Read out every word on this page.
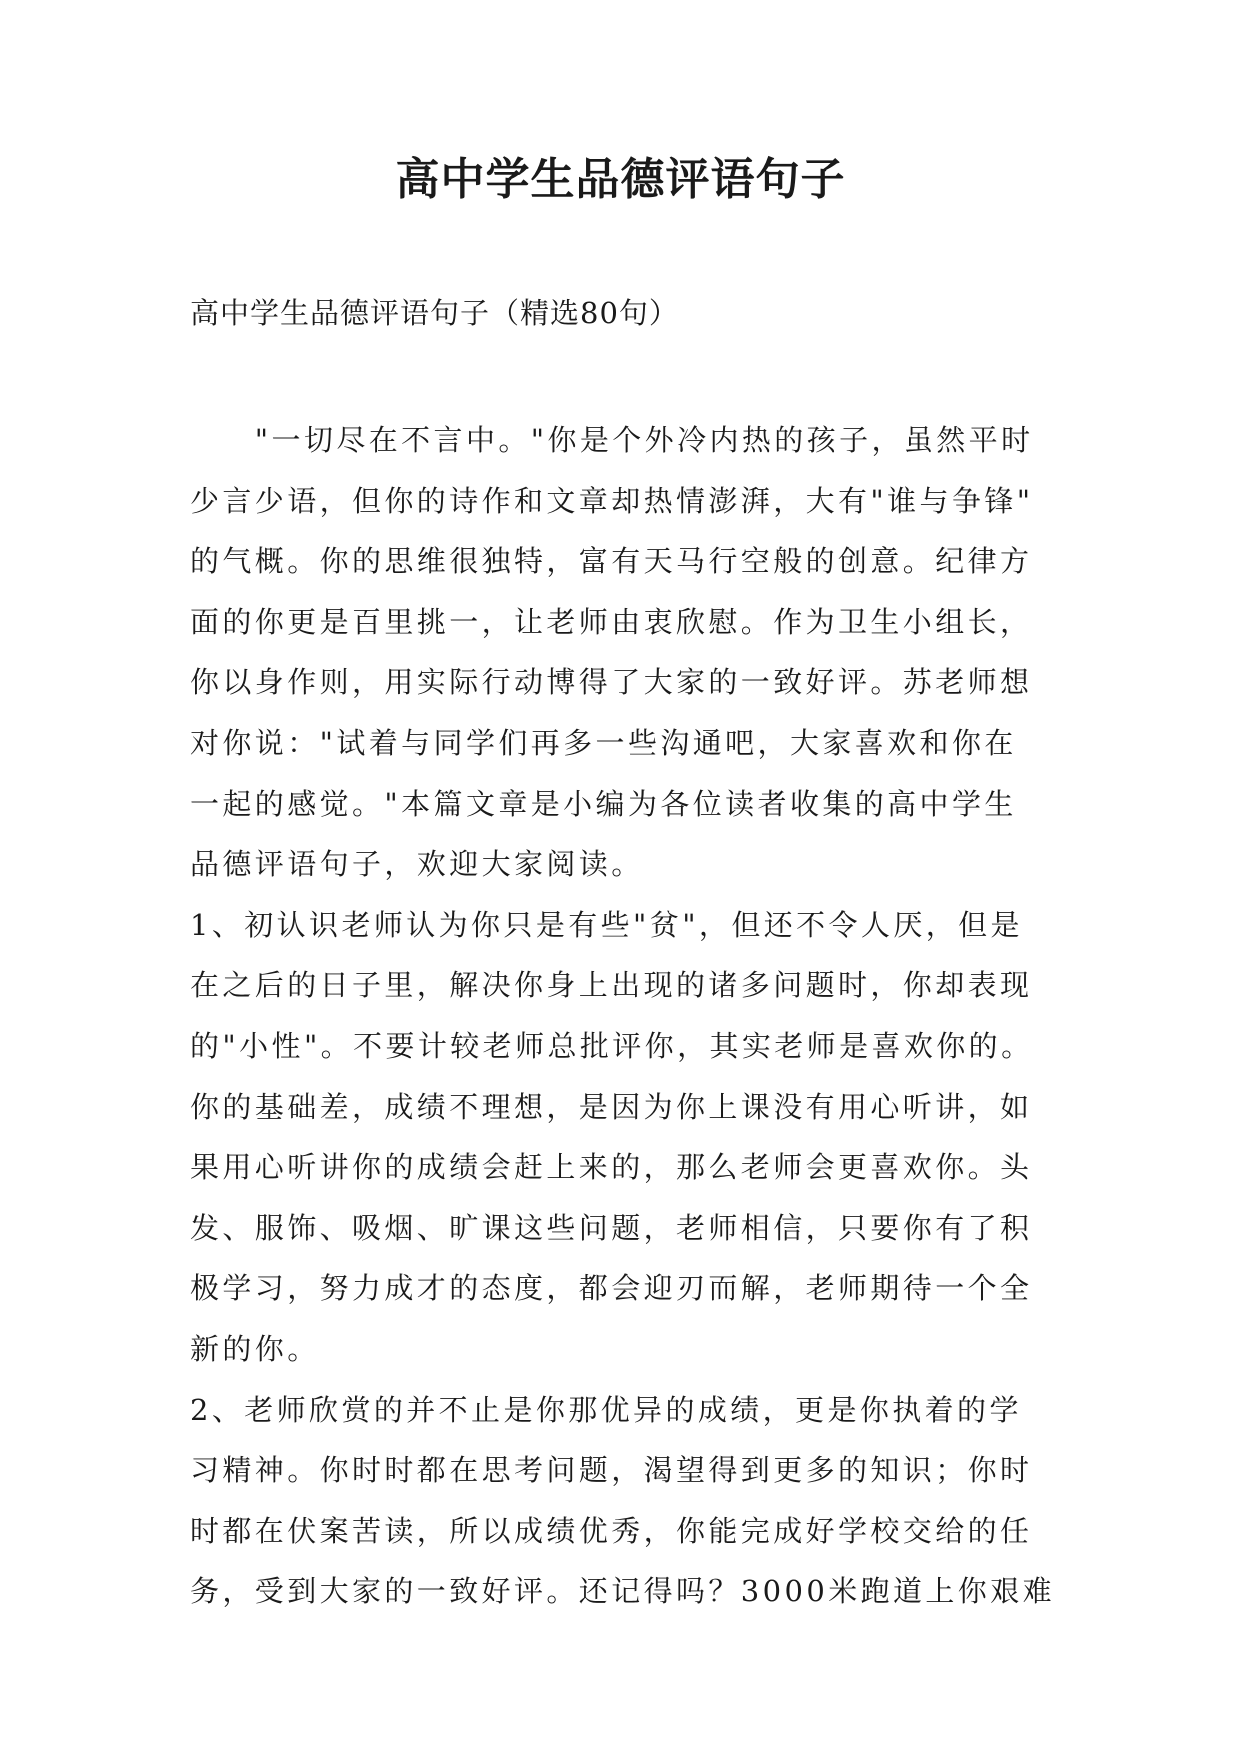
高中学生品德评语句子

高中学生品德评语句子（精选80句）

　　"一切尽在不言中。"你是个外冷内热的孩子，虽然平时
少言少语，但你的诗作和文章却热情澎湃，大有"谁与争锋"
的气概。你的思维很独特，富有天马行空般的创意。纪律方
面的你更是百里挑一，让老师由衷欣慰。作为卫生小组长，
你以身作则，用实际行动博得了大家的一致好评。苏老师想
对你说："试着与同学们再多一些沟通吧，大家喜欢和你在
一起的感觉。"本篇文章是小编为各位读者收集的高中学生
品德评语句子，欢迎大家阅读。
1、初认识老师认为你只是有些"贫"，但还不令人厌，但是
在之后的日子里，解决你身上出现的诸多问题时，你却表现
的"小性"。不要计较老师总批评你，其实老师是喜欢你的。
你的基础差，成绩不理想，是因为你上课没有用心听讲，如
果用心听讲你的成绩会赶上来的，那么老师会更喜欢你。头
发、服饰、吸烟、旷课这些问题，老师相信，只要你有了积
极学习，努力成才的态度，都会迎刃而解，老师期待一个全
新的你。
2、老师欣赏的并不止是你那优异的成绩，更是你执着的学
习精神。你时时都在思考问题，渴望得到更多的知识；你时
时都在伏案苦读，所以成绩优秀，你能完成好学校交给的任
务，受到大家的一致好评。还记得吗？3000米跑道上你艰难
